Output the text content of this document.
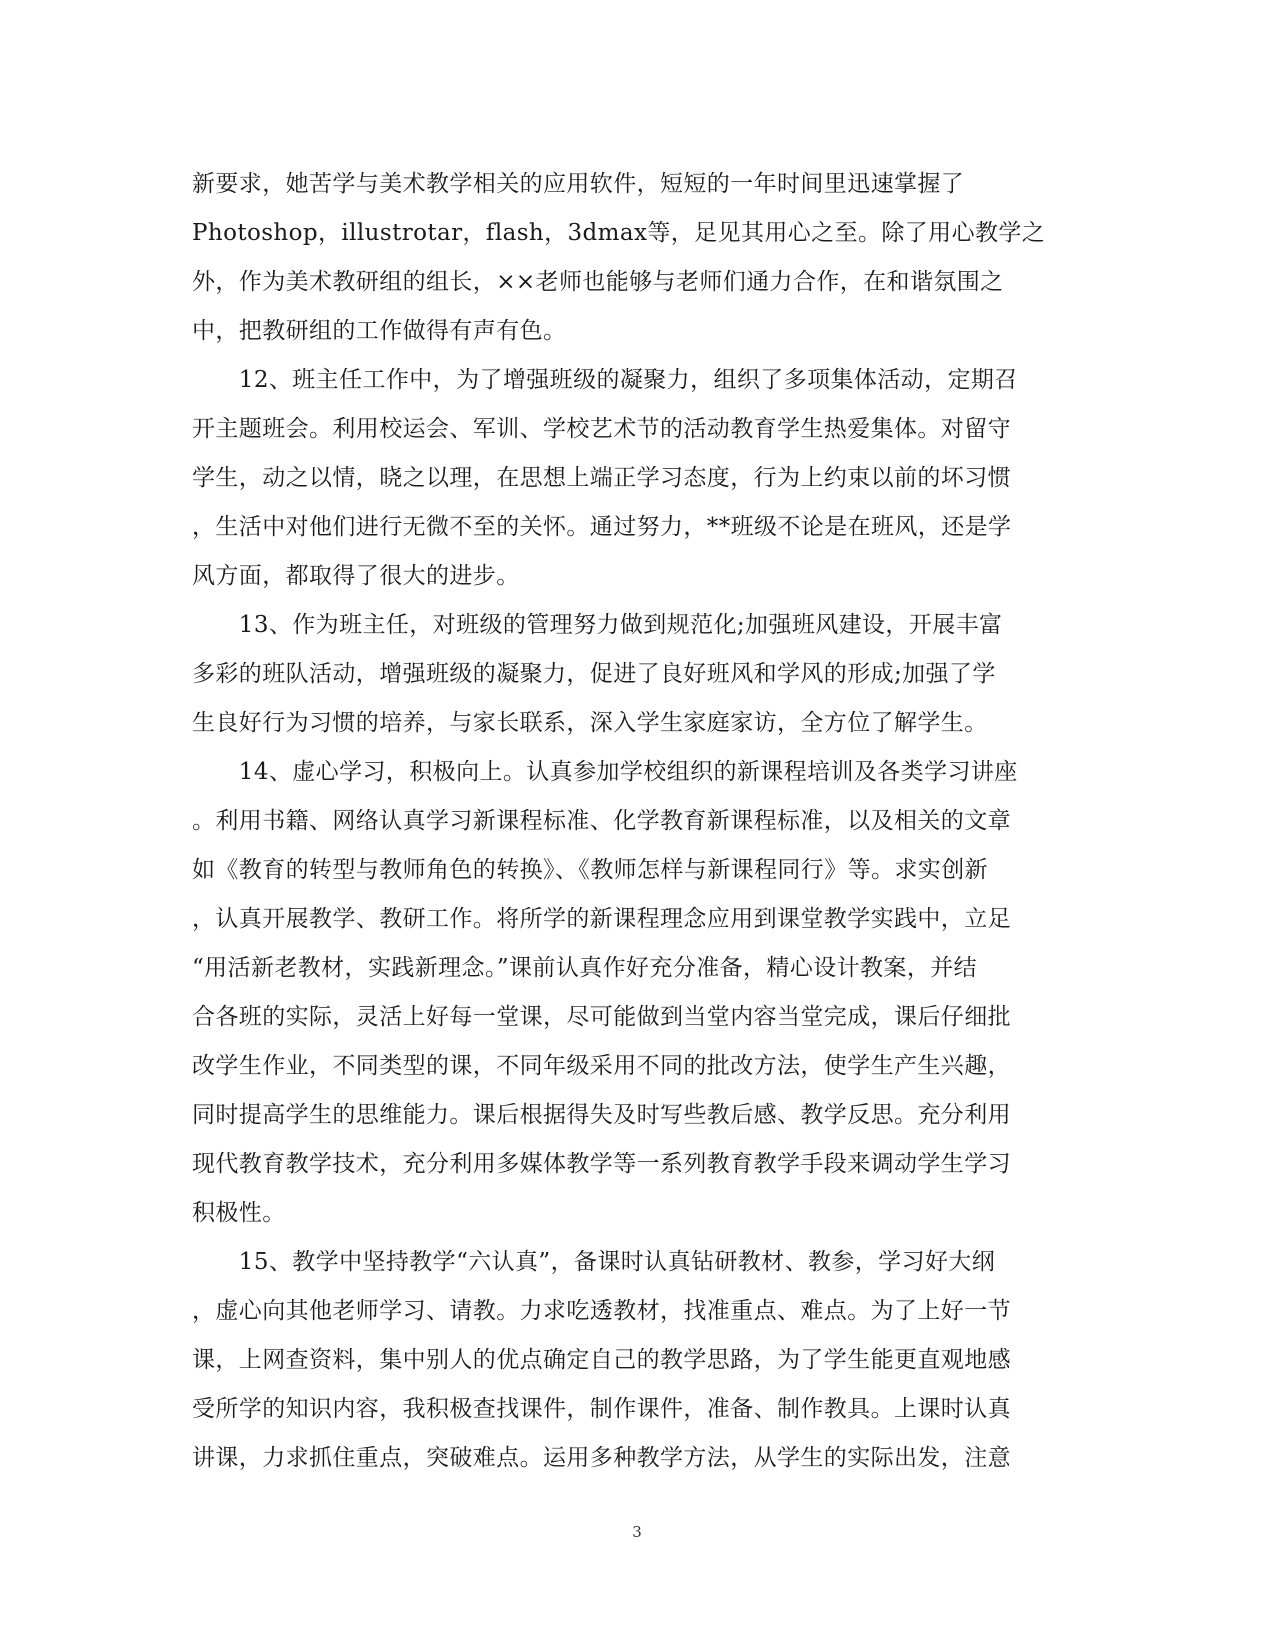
新要求，她苦学与美术教学相关的应用软件，短短的一年时间里迅速掌握了
Photoshop，illustrotar，flash，3dmax等，足见其用心之至。除了用心教学之
外，作为美术教研组的组长，××老师也能够与老师们通力合作，在和谐氛围之
中，把教研组的工作做得有声有色。
　　12、班主任工作中，为了增强班级的凝聚力，组织了多项集体活动，定期召
开主题班会。利用校运会、军训、学校艺术节的活动教育学生热爱集体。对留守
学生，动之以情，晓之以理，在思想上端正学习态度，行为上约束以前的坏习惯
，生活中对他们进行无微不至的关怀。通过努力，**班级不论是在班风，还是学
风方面，都取得了很大的进步。
　　13、作为班主任，对班级的管理努力做到规范化;加强班风建设，开展丰富
多彩的班队活动，增强班级的凝聚力，促进了良好班风和学风的形成;加强了学
生良好行为习惯的培养，与家长联系，深入学生家庭家访，全方位了解学生。
　　14、虚心学习，积极向上。认真参加学校组织的新课程培训及各类学习讲座
。利用书籍、网络认真学习新课程标准、化学教育新课程标准，以及相关的文章
如《教育的转型与教师角色的转换》、《教师怎样与新课程同行》等。求实创新
，认真开展教学、教研工作。将所学的新课程理念应用到课堂教学实践中，立足
“用活新老教材，实践新理念。”课前认真作好充分准备，精心设计教案，并结
合各班的实际，灵活上好每一堂课，尽可能做到当堂内容当堂完成，课后仔细批
改学生作业，不同类型的课，不同年级采用不同的批改方法，使学生产生兴趣，
同时提高学生的思维能力。课后根据得失及时写些教后感、教学反思。充分利用
现代教育教学技术，充分利用多媒体教学等一系列教育教学手段来调动学生学习
积极性。
　　15、教学中坚持教学“六认真”，备课时认真钻研教材、教参，学习好大纲
，虚心向其他老师学习、请教。力求吃透教材，找准重点、难点。为了上好一节
课，上网查资料，集中别人的优点确定自己的教学思路，为了学生能更直观地感
受所学的知识内容，我积极查找课件，制作课件，准备、制作教具。上课时认真
讲课，力求抓住重点，突破难点。运用多种教学方法，从学生的实际出发，注意
3
